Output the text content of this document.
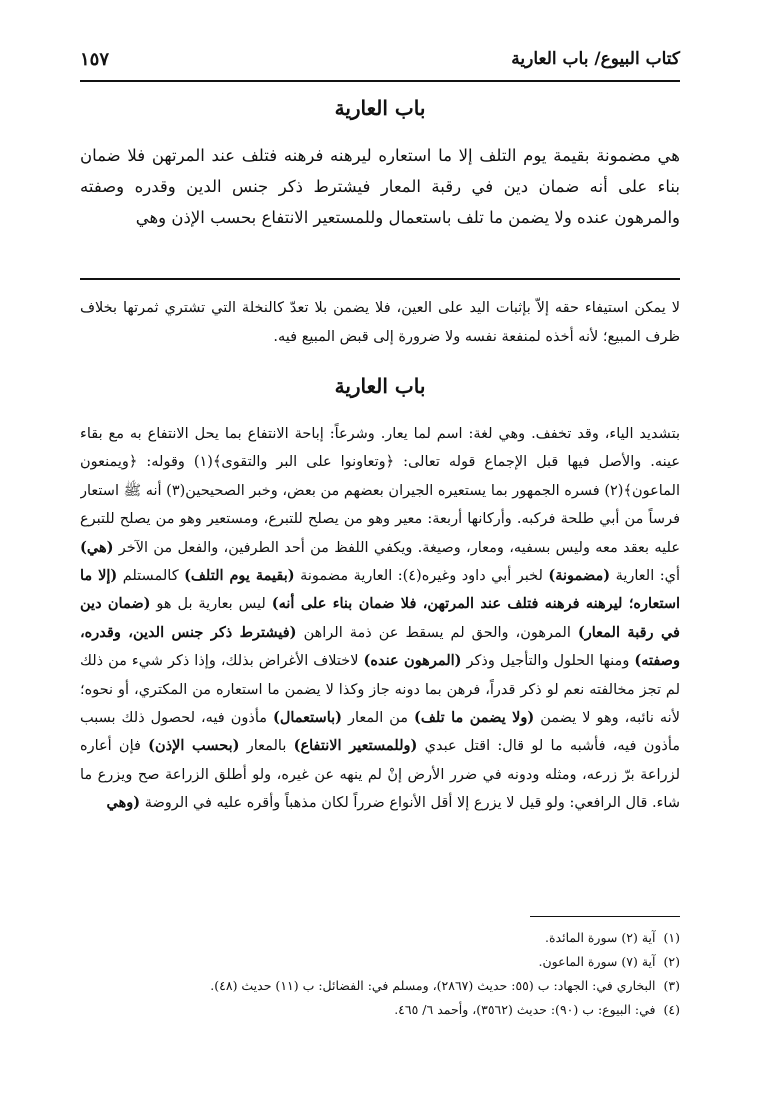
كتاب البيوع/ باب العارية
١٥٧
باب العارية
هي مضمونة بقيمة يوم التلف إلا ما استعاره ليرهنه فرهنه فتلف عند المرتهن فلا ضمان بناء على أنه ضمان دين في رقبة المعار فيشترط ذكر جنس الدين وقدره وصفته والمرهون عنده ولا يضمن ما تلف باستعمال وللمستعير الانتفاع بحسب الإذن وهي
لا يمكن استيفاء حقه إلاّ بإثبات اليد على العين، فلا يضمن بلا تعدّ كالنخلة التي تشتري ثمرتها بخلاف ظرف المبيع؛ لأنه أخذه لمنفعة نفسه ولا ضرورة إلى قبض المبيع فيه.
باب العارية
بتشديد الياء، وقد تخفف. وهي لغة: اسم لما يعار. وشرعاً: إباحة الانتفاع بما يحل الانتفاع به مع بقاء عينه. والأصل فيها قبل الإجماع قوله تعالى: ﴿وتعاونوا على البر والتقوى﴾(١) وقوله: ﴿ويمنعون الماعون﴾(٢) فسره الجمهور بما يستعيره الجيران بعضهم من بعض، وخبر الصحيحين(٣) أنه ﷺ استعار فرساً من أبي طلحة فركبه. وأركانها أربعة: معير وهو من يصلح للتبرع، ومستعير وهو من يصلح للتبرع عليه بعقد معه وليس بسفيه، ومعار، وصيغة. ويكفي اللفظ من أحد الطرفين، والفعل من الآخر (هي) أي: العارية (مضمونة) لخبر أبي داود وغيره(٤): العارية مضمونة (بقيمة يوم التلف) كالمستلم (إلا ما استعاره؛ ليرهنه فرهنه فتلف عند المرتهن، فلا ضمان بناء على أنه) ليس بعارية بل هو (ضمان دين في رقبة المعار) المرهون، والحق لم يسقط عن ذمة الراهن (فيشترط ذكر جنس الدين، وقدره، وصفته) ومنها الحلول والتأجيل وذكر (المرهون عنده) لاختلاف الأغراض بذلك، وإذا ذكر شيء من ذلك لم تجز مخالفته نعم لو ذكر قدراً، فرهن بما دونه جاز وكذا لا يضمن ما استعاره من المكتري، أو نحوه؛ لأنه نائبه، وهو لا يضمن (ولا يضمن ما تلف) من المعار (باستعمال) مأذون فيه، لحصول ذلك بسبب مأذون فيه، فأشبه ما لو قال: اقتل عبدي (وللمستعير الانتفاع) بالمعار (بحسب الإذن) فإن أعاره لزراعة برّ زرعه، ومثله ودونه في ضرر الأرض إنْ لم ينهه عن غيره، ولو أطلق الزراعة صح ويزرع ما شاء. قال الرافعي: ولو قيل لا يزرع إلا أقل الأنواع ضرراً لكان مذهباً وأقره عليه في الروضة (وهي
(١)
آية (٢) سورة المائدة.
(٢)
آية (٧) سورة الماعون.
(٣)
البخاري في: الجهاد: ب (٥٥: حديث (٢٨٦٧)، ومسلم في: الفضائل: ب (١١) حديث (٤٨).
(٤)
في: البيوع: ب (٩٠): حديث (٣٥٦٢)، وأحمد ٦/ ٤٦٥.
